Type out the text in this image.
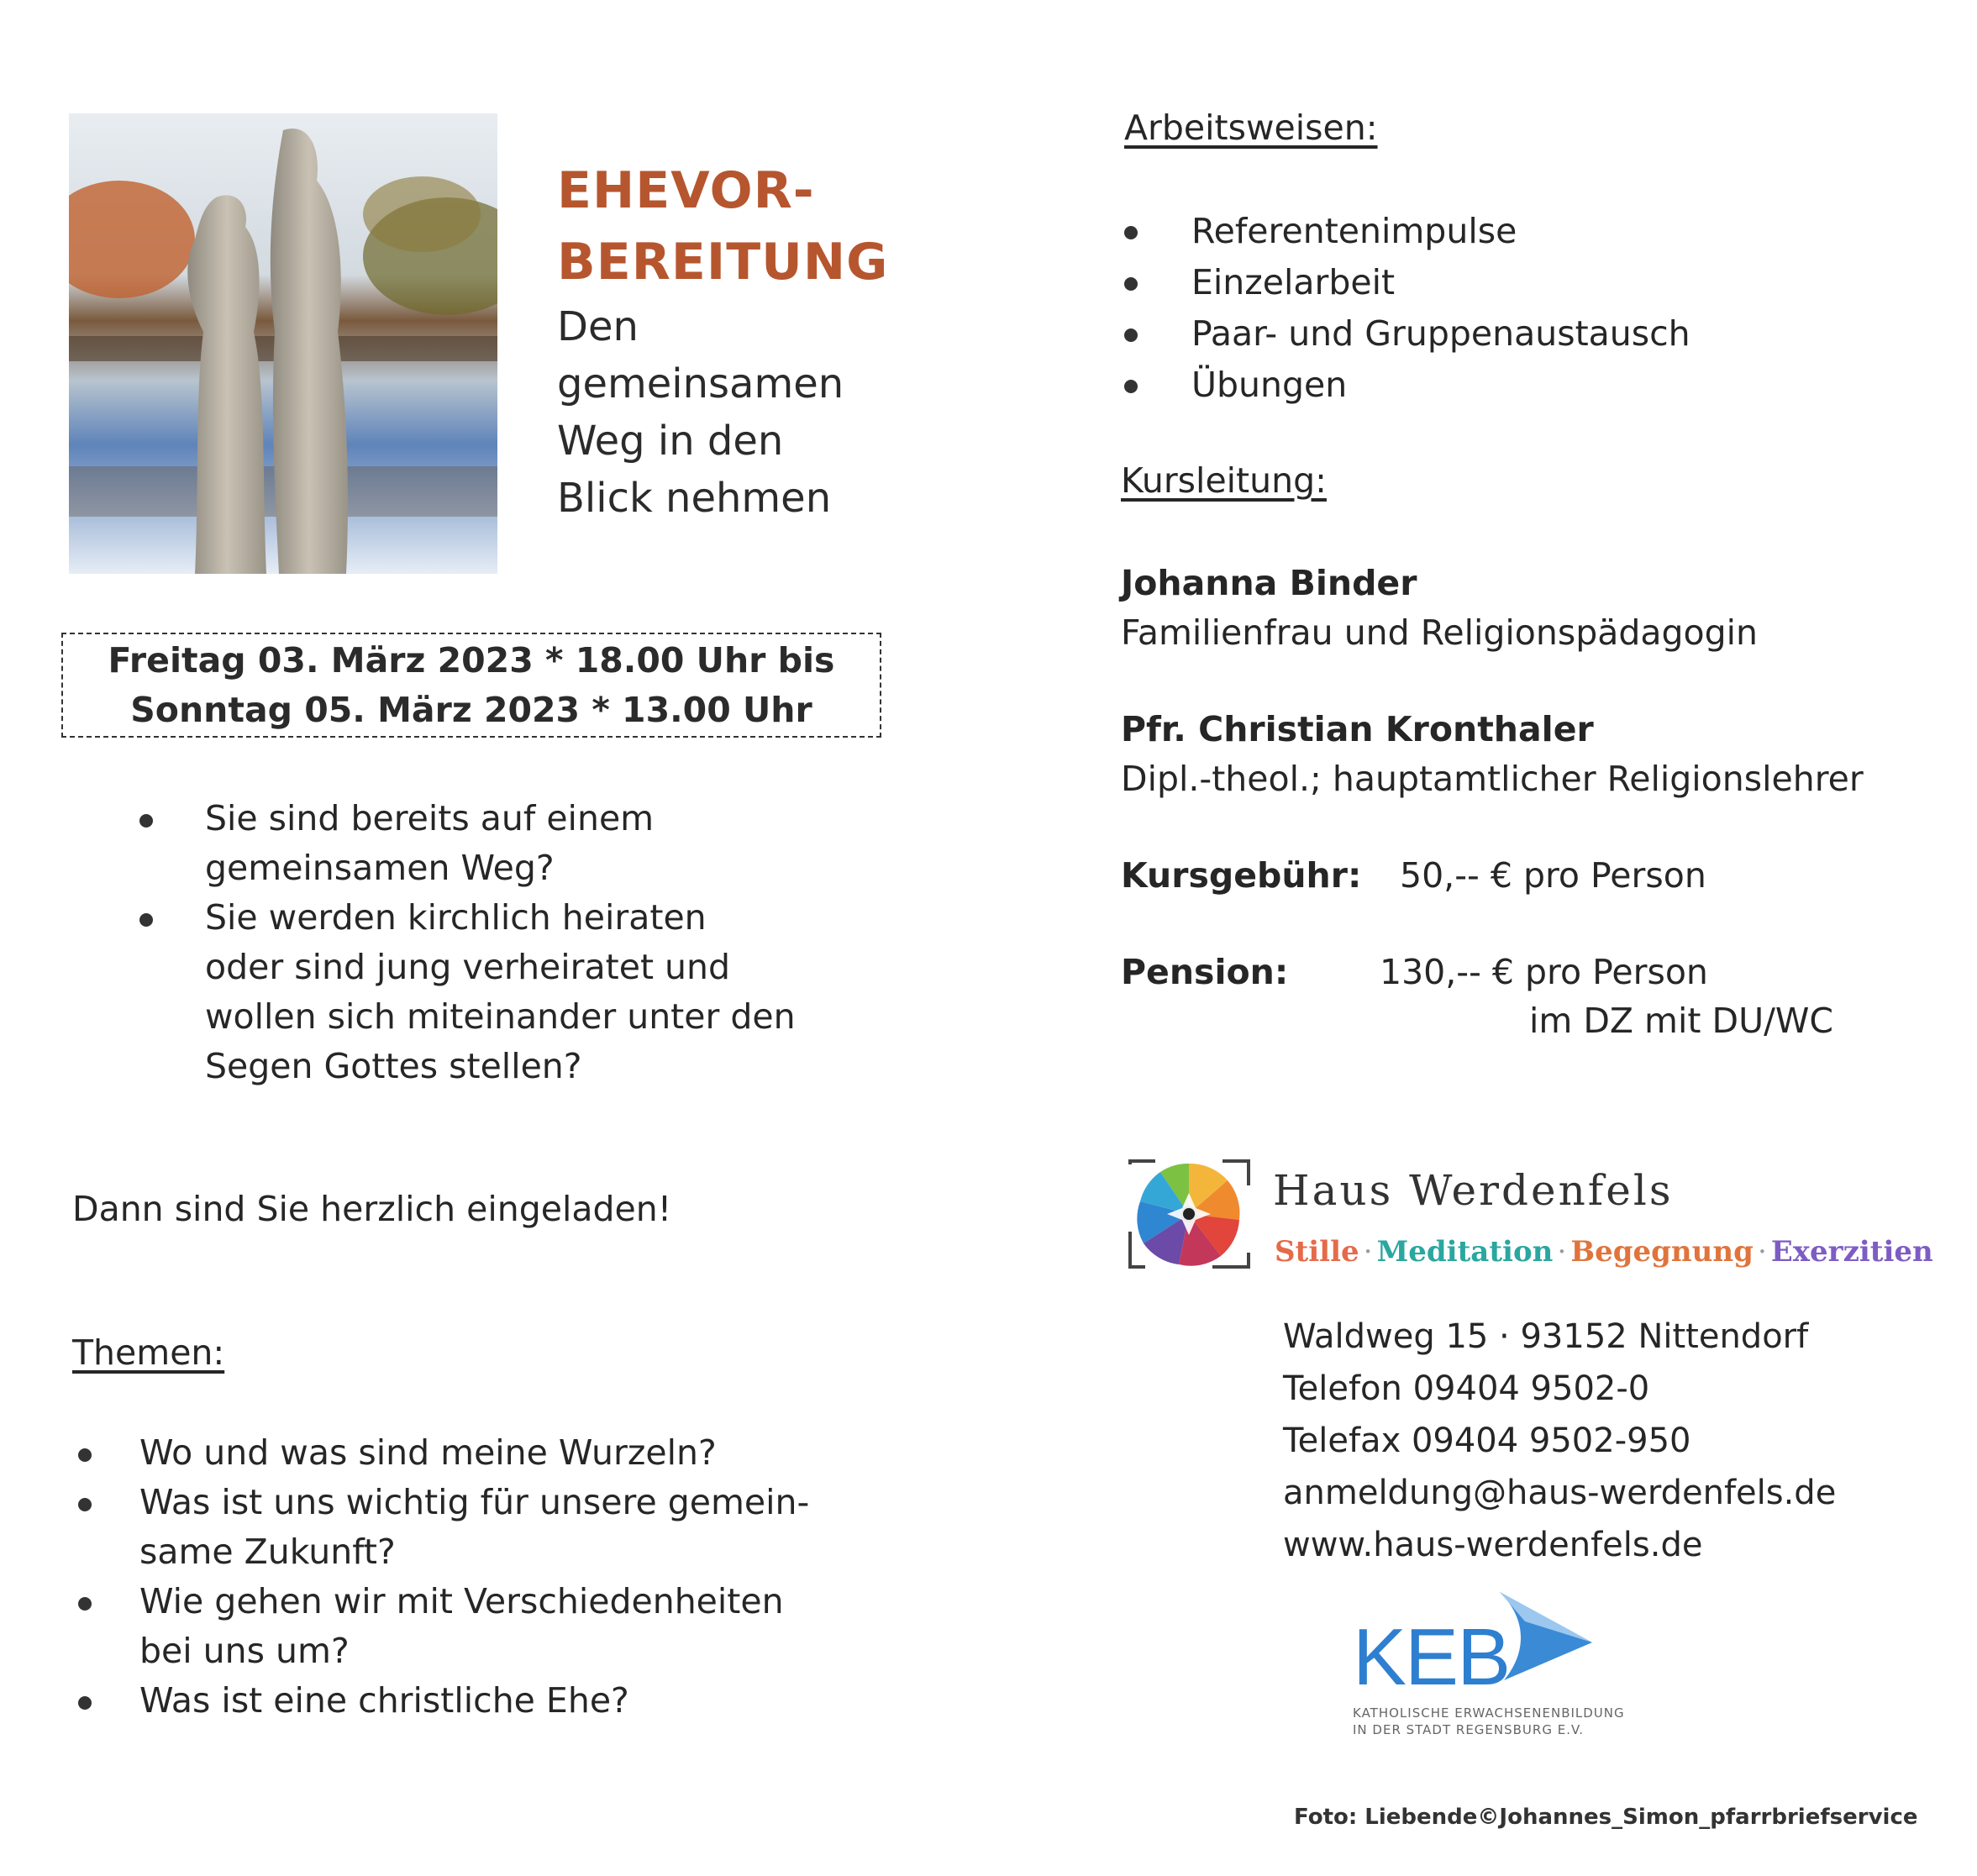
EHEVOR-
BEREITUNG
Den
gemeinsamen
Weg in den
Blick nehmen
Freitag 03. März 2023 * 18.00 Uhr bis
Sonntag 05. März 2023 * 13.00 Uhr
Sie sind bereits auf einem
gemeinsamen Weg?
Sie werden kirchlich heiraten
oder sind jung verheiratet und
wollen sich miteinander unter den
Segen Gottes stellen?
Dann sind Sie herzlich eingeladen!
Themen:
Wo und was sind meine Wurzeln?
Was ist uns wichtig für unsere gemein-
same Zukunft?
Wie gehen wir mit Verschiedenheiten
bei uns um?
Was ist eine christliche Ehe?
Arbeitsweisen:
Referentenimpulse
Einzelarbeit
Paar- und Gruppenaustausch
Übungen
Kursleitung:
Johanna Binder
Familienfrau und Religionspädagogin
Pfr. Christian Kronthaler
Dipl.-theol.; hauptamtlicher Religionslehrer
Kursgebühr: 50,-- € pro Person
Pension:	130,-- € pro Person
im DZ mit DU/WC
Haus Werdenfels
Stille · Meditation · Begegnung · Exerzitien
Waldweg 15 · 93152 Nittendorf
Telefon 09404 9502-0
Telefax 09404 9502-950
anmeldung@haus-werdenfels.de
www.haus-werdenfels.de
KEB
KATHOLISCHE ERWACHSENENBILDUNG
IN DER STADT REGENSBURG E.V.
Foto: Liebende©Johannes_Simon_pfarrbriefservice
